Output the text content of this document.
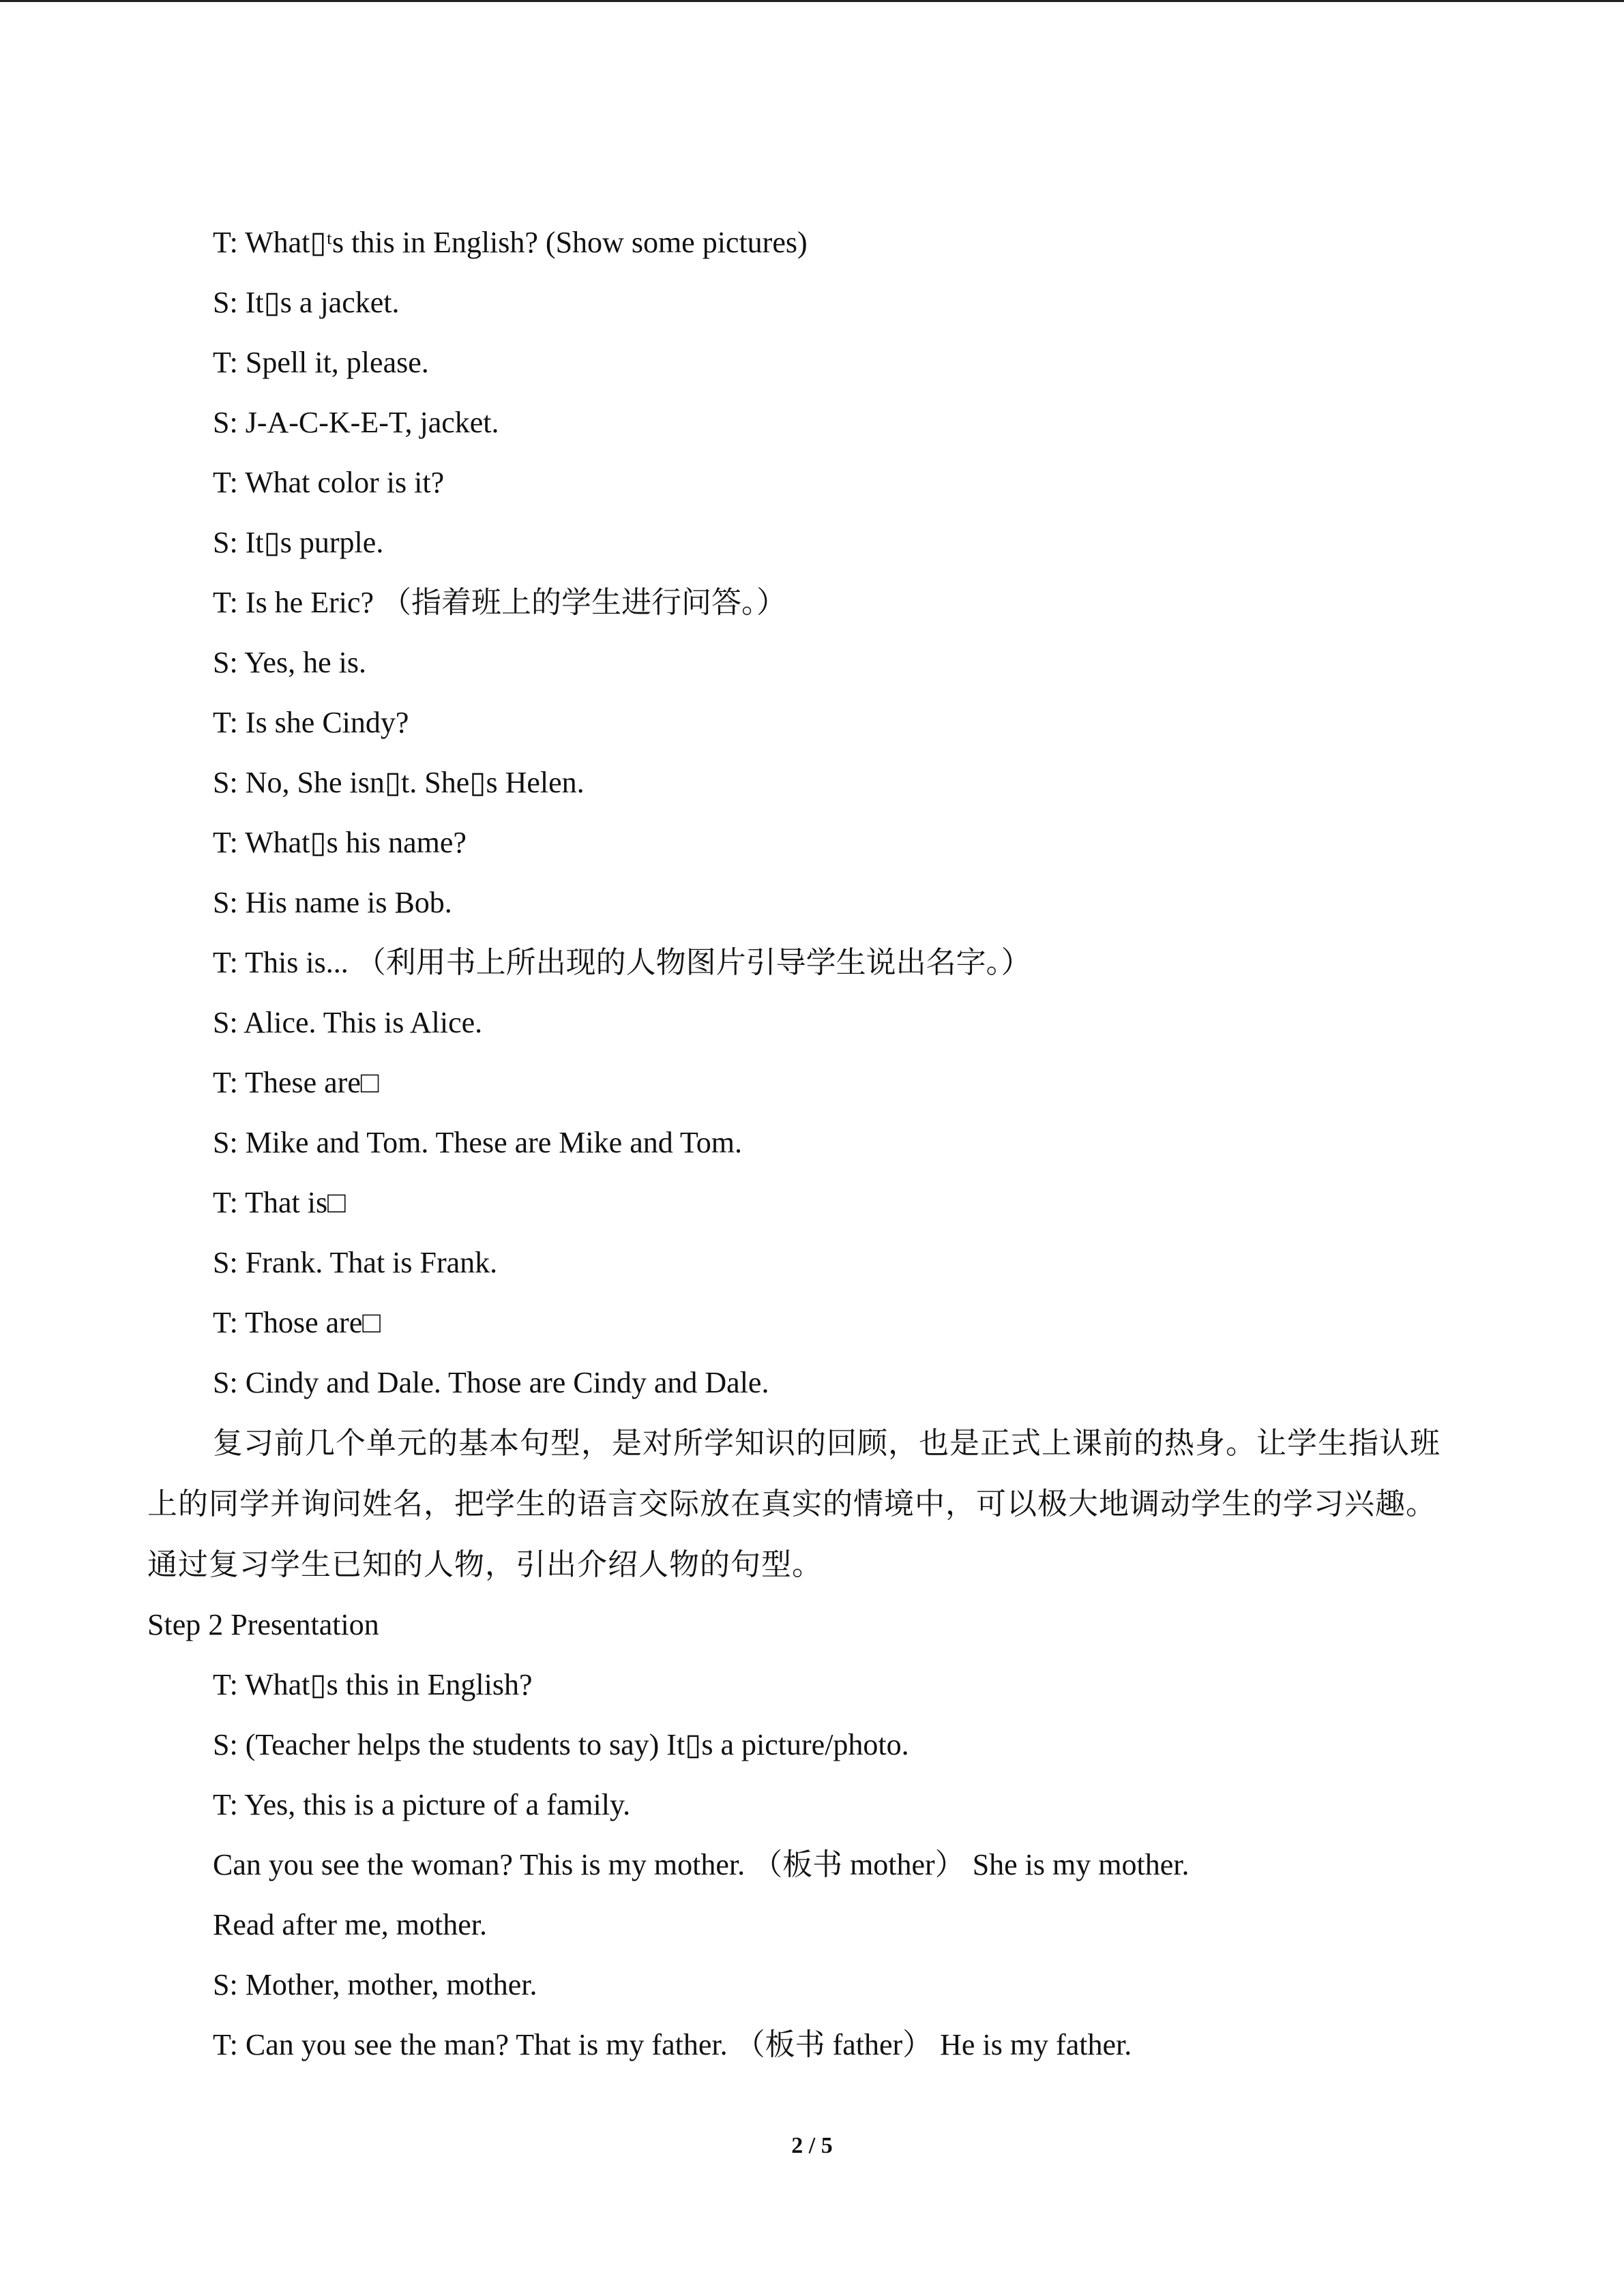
T: What▯ᵗs this in English? (Show some pictures)
S: It▯s a jacket.
T: Spell it, please.
S: J-A-C-K-E-T, jacket.
T: What color is it?
S: It▯s purple.
T: Is he Eric? （指着班上的学生进行问答。）
S: Yes, he is.
T: Is she Cindy?
S: No, She isn▯t. She▯s Helen.
T: What▯s his name?
S: His name is Bob.
T: This is... （利用书上所出现的人物图片引导学生说出名字。）
S: Alice. This is Alice.
T: These are□
S: Mike and Tom. These are Mike and Tom.
T: That is□
S: Frank. That is Frank.
T: Those are□
S: Cindy and Dale. Those are Cindy and Dale.

复习前几个单元的基本句型，是对所学知识的回顾，也是正式上课前的热身。让学生指认班上的同学并询问姓名，把学生的语言交际放在真实的情境中，可以极大地调动学生的学习兴趣。通过复习学生已知的人物，引出介绍人物的句型。

Step 2 Presentation
T: What▯s this in English?
S: (Teacher helps the students to say) It▯s a picture/photo.
T: Yes, this is a picture of a family.
Can you see the woman? This is my mother. （板书 mother） She is my mother.
Read after me, mother.
S: Mother, mother, mother.
T: Can you see the man? That is my father. （板书 father） He is my father.
2 / 5
